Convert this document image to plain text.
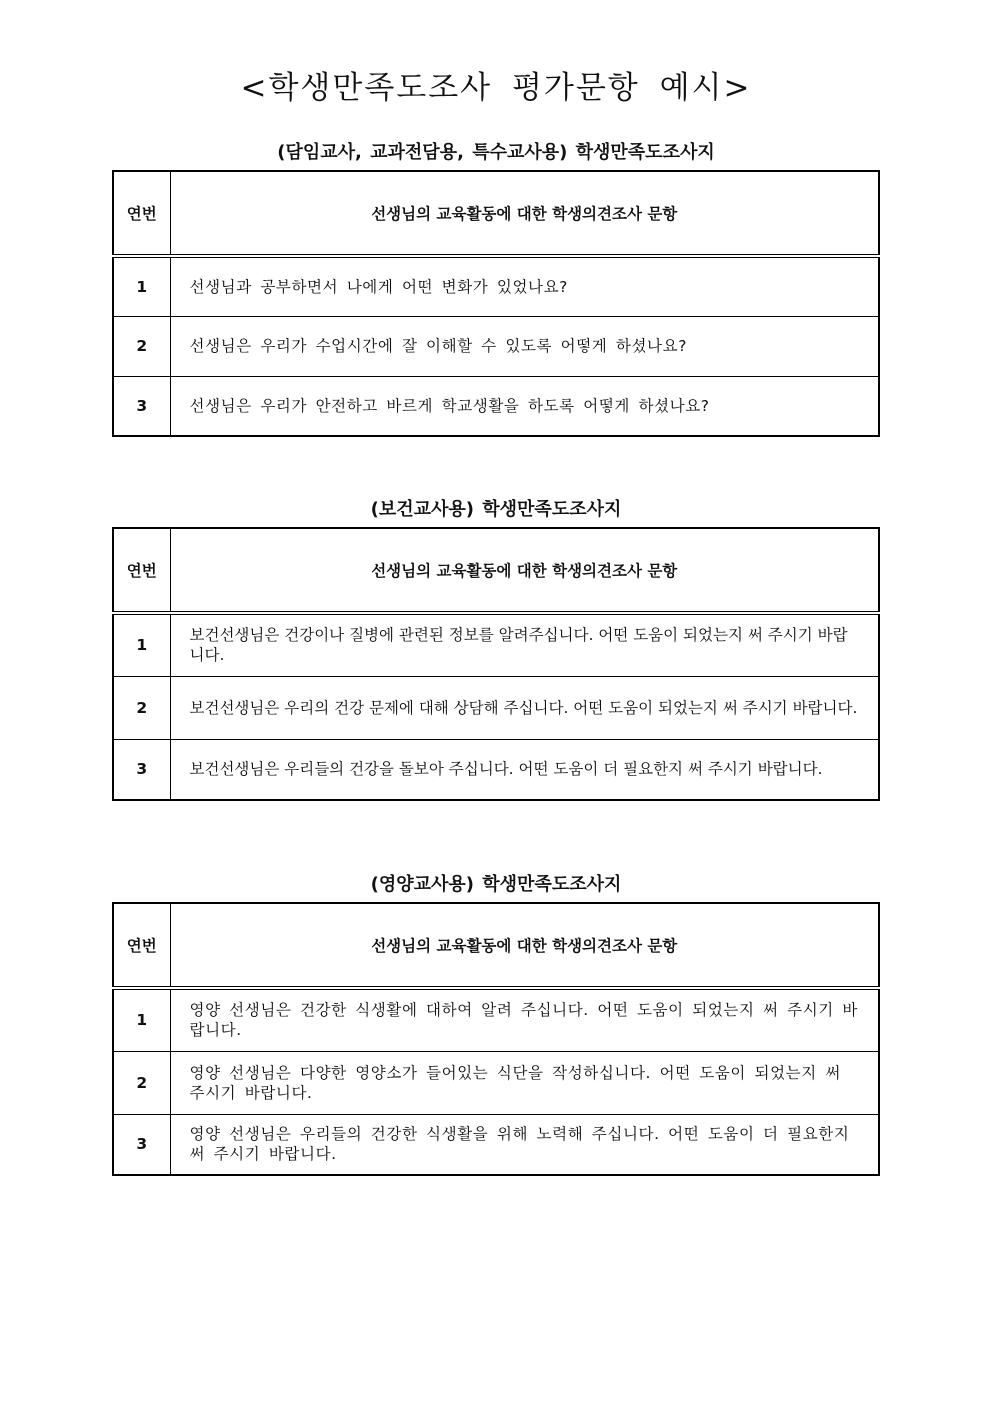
<학생만족도조사 평가문항 예시>
(담임교사, 교과전담용, 특수교사용) 학생만족도조사지
연번	선생님의 교육활동에 대한 학생의견조사 문항
1	선생님과 공부하면서 나에게 어떤 변화가 있었나요?
2	선생님은 우리가 수업시간에 잘 이해할 수 있도록 어떻게 하셨나요?
3	선생님은 우리가 안전하고 바르게 학교생활을 하도록 어떻게 하셨나요?
(보건교사용) 학생만족도조사지
연번	선생님의 교육활동에 대한 학생의견조사 문항
1	보건선생님은 건강이나 질병에 관련된 정보를 알려주십니다. 어떤 도움이 되었는지 써 주시기 바랍니다.
2	보건선생님은 우리의 건강 문제에 대해 상담해 주십니다. 어떤 도움이 되었는지 써 주시기 바랍니다.
3	보건선생님은 우리들의 건강을 돌보아 주십니다. 어떤 도움이 더 필요한지 써 주시기 바랍니다.
(영양교사용) 학생만족도조사지
연번	선생님의 교육활동에 대한 학생의견조사 문항
1	영양 선생님은 건강한 식생활에 대하여 알려 주십니다. 어떤 도움이 되었는지 써 주시기 바랍니다.
2	영양 선생님은 다양한 영양소가 들어있는 식단을 작성하십니다. 어떤 도움이 되었는지 써 주시기 바랍니다.
3	영양 선생님은 우리들의 건강한 식생활을 위해 노력해 주십니다. 어떤 도움이 더 필요한지 써 주시기 바랍니다.
